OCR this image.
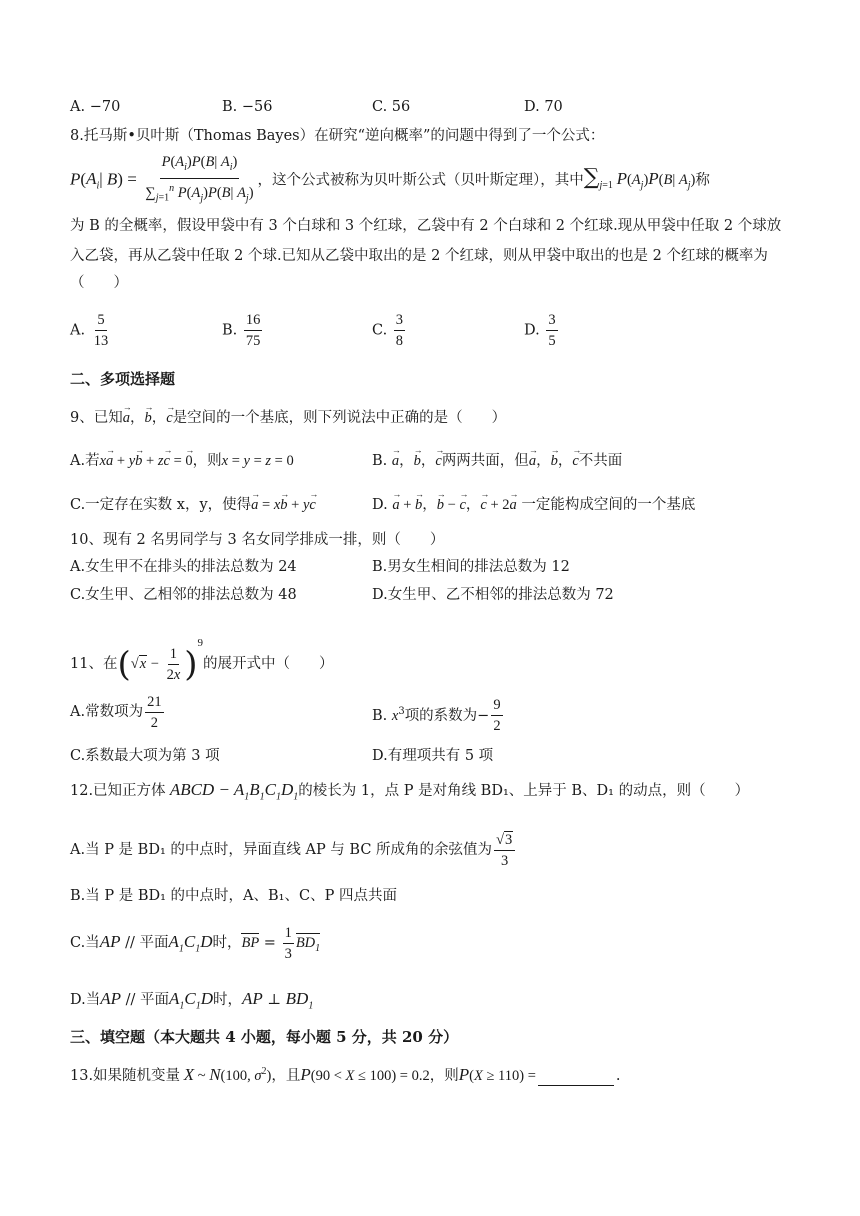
A. −70	B. −56	C. 56	D. 70
8.托马斯•贝叶斯（Thomas Bayes）在研究“逆向概率”的问题中得到了一个公式：
$P(A_i|$ $B) = \frac{P(A_i)P(B| A_i)}{\sum_{j=1}^n P(A_j)P(B| A_j)}$ ，这个公式被称为贝叶斯公式（贝叶斯定理），其中$\sum_{j=1}$ $P(A_j)P(B|$ $A_j$)称
为 B 的全概率，假设甲袋中有 3 个白球和 3 个红球，乙袋中有 2 个白球和 2 个红球.现从甲袋中任取 2 个球放
入乙袋，再从乙袋中任取 2 个球.已知从乙袋中取出的是 2 个红球，则从甲袋中取出的也是 2 个红球的概率为
（　　）
A. $\frac{5}{13}$	B. $\frac{16}{75}$	C. $\frac{3}{8}$	D. $\frac{3}{5}$
二、多项选择题
9、已知→ a，→ b，→ c是空间的一个基底，则下列说法中正确的是（　　）
A.若x→ a + y→ b + z→ c = → 0，则x = y = z = 0	B. → a，→ b，→ c两两共面，但→ a，→ b，→ c不共面
C.一定存在实数 x，y，使得→ a = x→ b + y→ c	D. → a + → b，→ b − → c，→ c + 2→ a 一定能构成空间的一个基底
10、现有 2 名男同学与 3 名女同学排成一排，则（　　）
A.女生甲不在排头的排法总数为 24	B.男女生相间的排法总数为 12
C.女生甲、乙相邻的排法总数为 48	D.女生甲、乙不相邻的排法总数为 72
11、在$(√x - \frac{1}{2x} )^9$的展开式中（　　）
A.常数项为 $\frac{21}{2}$	B. $x^3$项的系数为− $\frac{9}{2}$
C.系数最大项为第 3 项	D.有理项共有 5 项
12.已知正方体 ABCD − $A_1B_1C_1D_1$的棱长为 1，点 P 是对角线 BD₁、上异于 B、D₁ 的动点，则（　　）
A.当 P 是 BD₁ 的中点时，异面直线 AP 与 BC 所成角的余弦值为 $\frac{√3}{3}$
B.当 P 是 BD₁ 的中点时，A、B₁、C、P 四点共面
C.当AP // 平面$A_1C_1D$时，BP = $\frac{1}{3} BD_1$
D.当AP // 平面$A_1C_1D$时，AP ⊥ $BD_1$
三、填空题（本大题共 4 小题，每小题 5 分，共 20 分）
13.如果随机变量 X ~ N(100, $\sigma^2$)，且P(90 < X ≤ 100) = 0.2，则P(X ≥ 110) =	.
